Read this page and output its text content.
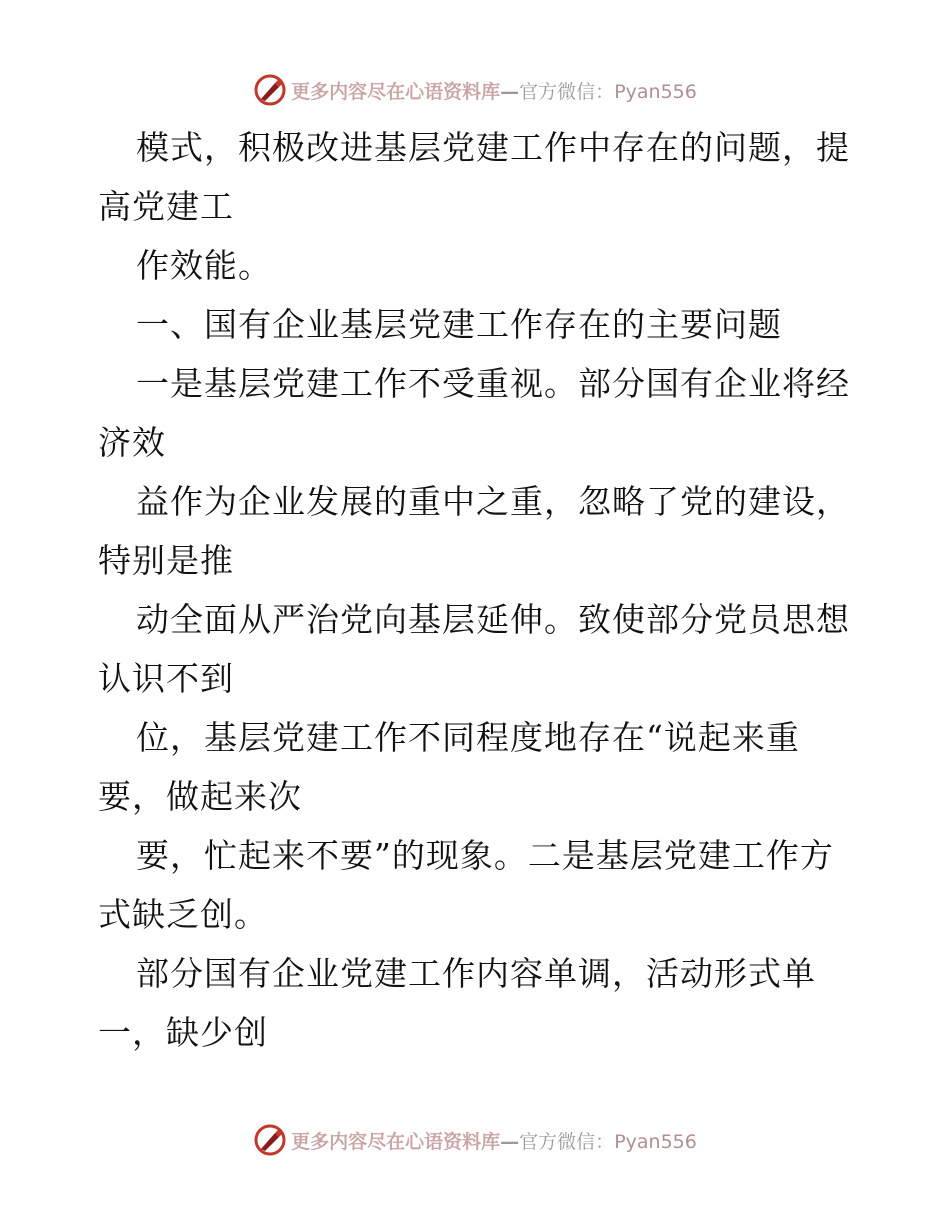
更多内容尽在心语资料库—官方微信：Pyan556
模式，积极改进基层党建工作中存在的问题，提
高党建工
作效能。
一、国有企业基层党建工作存在的主要问题
一是基层党建工作不受重视。部分国有企业将经
济效
益作为企业发展的重中之重，忽略了党的建设，
特别是推
动全面从严治党向基层延伸。致使部分党员思想
认识不到
位，基层党建工作不同程度地存在“说起来重
要，做起来次
要，忙起来不要”的现象。二是基层党建工作方
式缺乏创。
部分国有企业党建工作内容单调，活动形式单
一，缺少创
更多内容尽在心语资料库—官方微信：Pyan556
